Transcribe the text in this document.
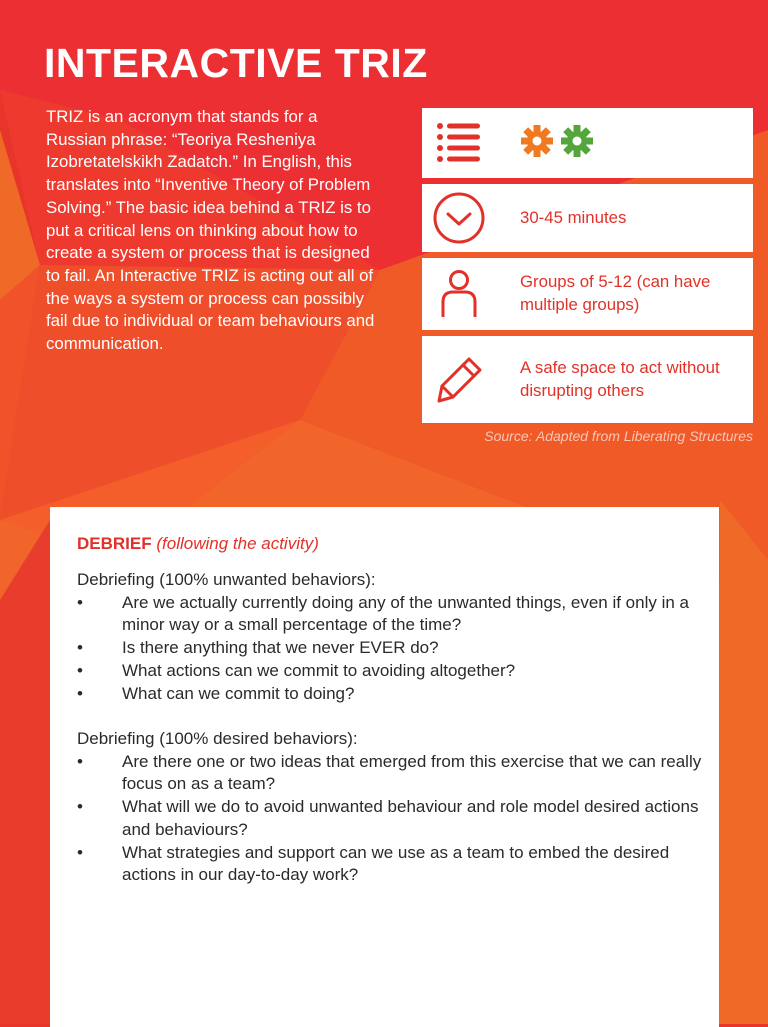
INTERACTIVE TRIZ

TRIZ is an acronym that stands for a Russian phrase: “Teoriya Resheniya Izobretatelskikh Zadatch.” In English, this translates into “Inventive Theory of Problem Solving.” The basic idea behind a TRIZ is to put a critical lens on thinking about how to create a system or process that is designed to fail. An Interactive TRIZ is acting out all of the ways a system or process can possibly fail due to individual or team behaviours and communication.

30-45 minutes
Groups of 5-12 (can have multiple groups)
A safe space to act without disrupting others

Source: Adapted from Liberating Structures

DEBRIEF (following the activity)

Debriefing (100% unwanted behaviors):

• Are we actually currently doing any of the unwanted things, even if only in a minor way or a small percentage of the time?
• Is there anything that we never EVER do?
• What actions can we commit to avoiding altogether?
• What can we commit to doing?

Debriefing (100% desired behaviors):

• Are there one or two ideas that emerged from this exercise that we can really focus on as a team?
• What will we do to avoid unwanted behaviour and role model desired actions and behaviours?
• What strategies and support can we use as a team to embed the desired actions in our day-to-day work?
